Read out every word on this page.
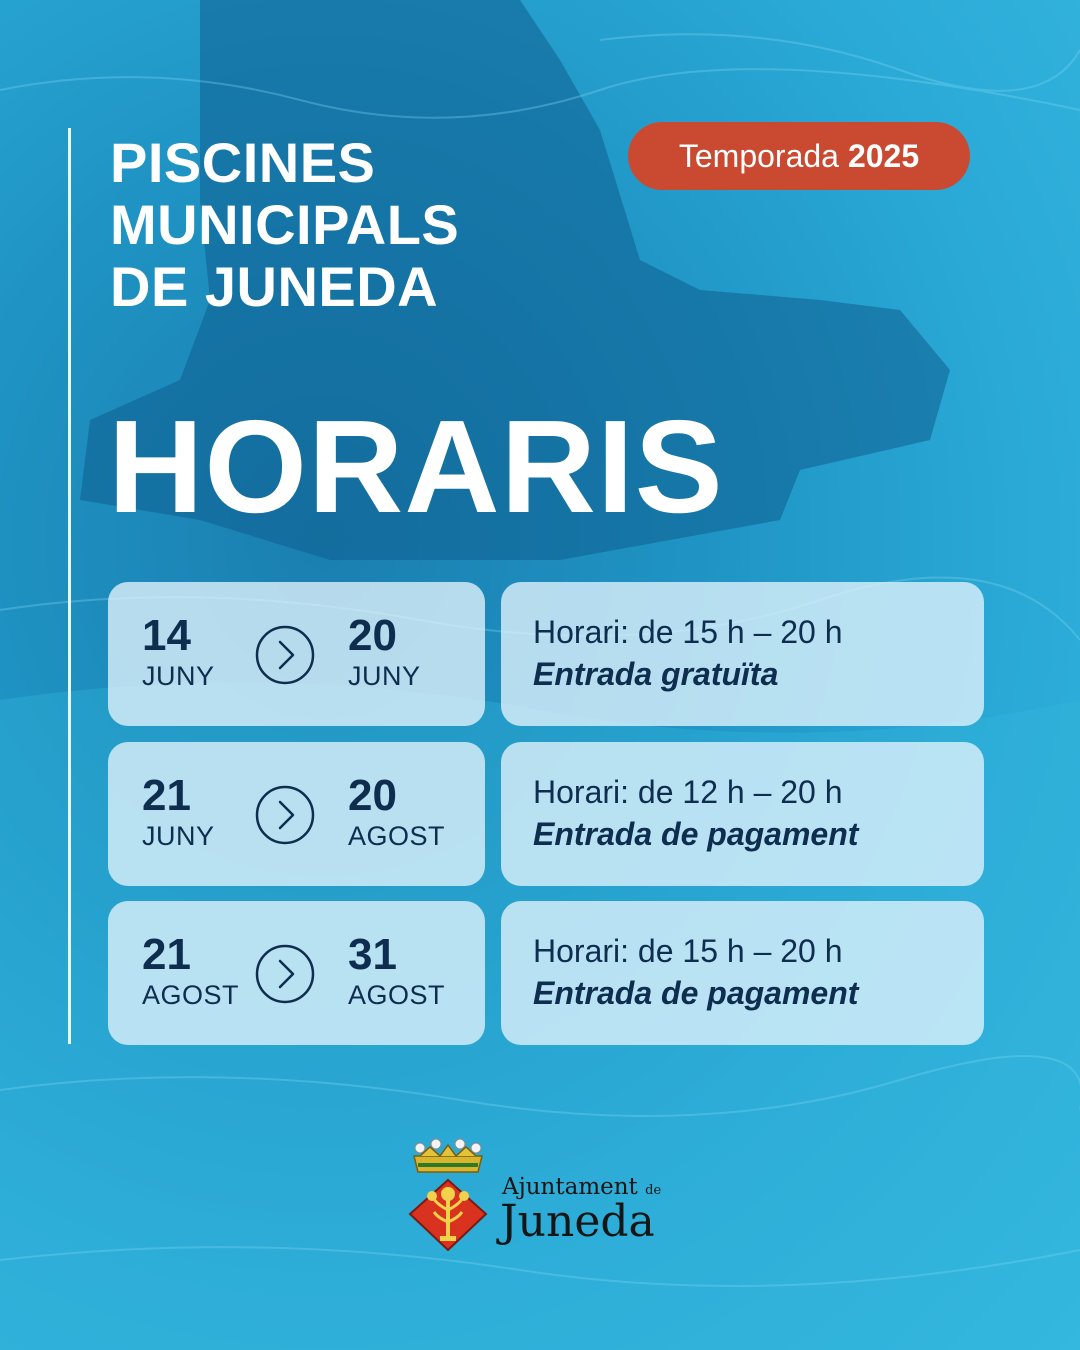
PISCINES
MUNICIPALS
DE JUNEDA
Temporada 2025
HORARIS
14
JUNY
20
JUNY
Horari: de 15 h – 20 h
Entrada gratuïta
21
JUNY
20
AGOST
Horari: de 12 h – 20 h
Entrada de pagament
21
AGOST
31
AGOST
Horari: de 15 h – 20 h
Entrada de pagament
Ajuntament de
Juneda
